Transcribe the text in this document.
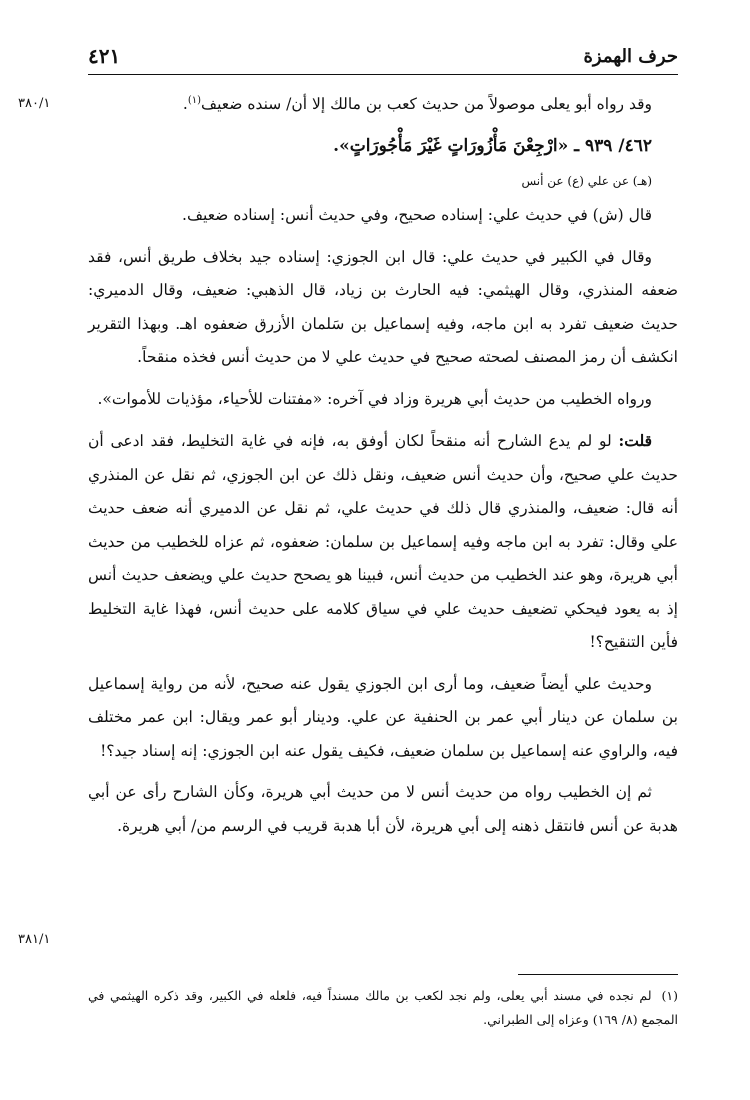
حرف الهمزة
٤٢١
٣٨٠/١
٣٨١/١

وقد رواه أبو يعلى موصولاً من حديث كعب بن مالك إلا أن/ سنده ضعيف$^{(١)}$.

٤٦٢/ ٩٣٩ ـ «ارْجِعْنَ مَأْزُورَاتٍ غَيْرَ مَأْجُورَاتٍ».

(هـ) عن علي (ع) عن أنس

قال (ش) في حديث علي: إسناده صحيح، وفي حديث أنس: إسناده ضعيف.

وقال في الكبير في حديث علي: قال ابن الجوزي: إسناده جيد بخلاف طريق أنس، فقد ضعفه المنذري، وقال الهيثمي: فيه الحارث بن زياد، قال الذهبي: ضعيف، وقال الدميري: حديث ضعيف تفرد به ابن ماجه، وفيه إسماعيل بن سَلمان الأزرق ضعفوه اهـ. وبهذا التقرير انكشف أن رمز المصنف لصحته صحيح في حديث علي لا من حديث أنس فخذه منقحاً.

ورواه الخطيب من حديث أبي هريرة وزاد في آخره: «مفتنات للأحياء، مؤذيات للأموات».

قلت: لو لم يدع الشارح أنه منقحاً لكان أوفق به، فإنه في غاية التخليط، فقد ادعى أن حديث علي صحيح، وأن حديث أنس ضعيف، ونقل ذلك عن ابن الجوزي، ثم نقل عن المنذري أنه قال: ضعيف، والمنذري قال ذلك في حديث علي، ثم نقل عن الدميري أنه ضعف حديث علي وقال: تفرد به ابن ماجه وفيه إسماعيل بن سلمان: ضعفوه، ثم عزاه للخطيب من حديث أبي هريرة، وهو عند الخطيب من حديث أنس، فبينا هو يصحح حديث علي ويضعف حديث أنس إذ به يعود فيحكي تضعيف حديث علي في سياق كلامه على حديث أنس، فهذا غاية التخليط فأين التنقيح؟!

وحديث علي أيضاً ضعيف، وما أرى ابن الجوزي يقول عنه صحيح، لأنه من رواية إسماعيل بن سلمان عن دينار أبي عمر بن الحنفية عن علي. ودينار أبو عمر ويقال: ابن عمر مختلف فيه، والراوي عنه إسماعيل بن سلمان ضعيف، فكيف يقول عنه ابن الجوزي: إنه إسناد جيد؟!

ثم إن الخطيب رواه من حديث أنس لا من حديث أبي هريرة، وكأن الشارح رأى عن أبي هدبة عن أنس فانتقل ذهنه إلى أبي هريرة، لأن أبا هدبة قريب في الرسم من/ أبي هريرة.

(١)لم نجده في مسند أبي يعلى، ولم نجد لكعب بن مالك مسنداً فيه، فلعله في الكبير، وقد ذكره الهيثمي في المجمع (٨/ ١٦٩) وعزاه إلى الطبراني.
